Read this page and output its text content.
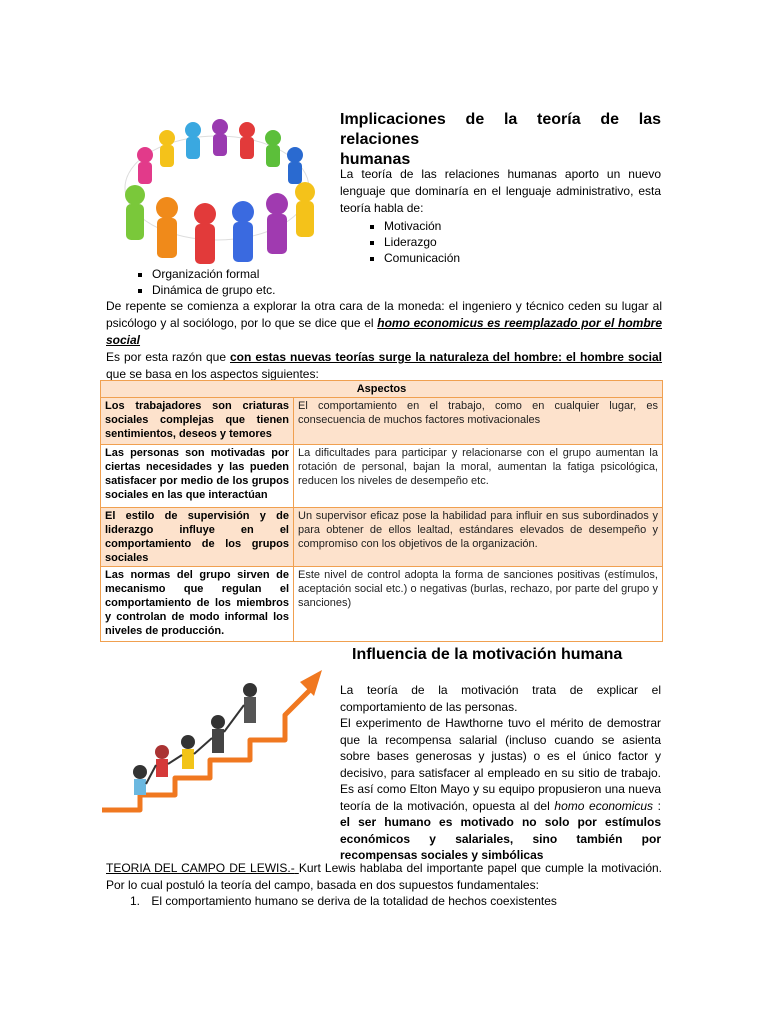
Implicaciones de la teoría de las relaciones
humanas
La teoría de las relaciones humanas aporto un nuevo lenguaje que dominaría en el lenguaje administrativo, esta teoría habla de:
▪ Motivación
▪ Liderazgo
▪ Comunicación
▪ Organización formal
▪ Dinámica de grupo etc.
De repente se comienza a explorar la otra cara de la moneda: el ingeniero y técnico ceden su lugar al psicólogo y al sociólogo, por lo que se dice que el homo economicus es reemplazado por el hombre social
Es por esta razón que con estas nuevas teorías surge la naturaleza del hombre: el hombre social que se basa en los aspectos siguientes:
Aspectos	
Los trabajadores son criaturas sociales complejas que tienen sentimientos, deseos y temores	El comportamiento en el trabajo, como en cualquier lugar, es consecuencia de muchos factores motivacionales
Las personas son motivadas por ciertas necesidades y las pueden satisfacer por medio de los grupos sociales en las que interactúan	La dificultades para participar y relacionarse con el grupo aumentan la rotación de personal, bajan la moral, aumentan la fatiga psicológica, reducen los niveles de desempeño etc.
El estilo de supervisión y de liderazgo influye en el comportamiento de los grupos sociales	Un supervisor eficaz pose la habilidad para influir en sus subordinados y para obtener de ellos lealtad, estándares elevados de desempeño y compromiso con los objetivos de la organización.
Las normas del grupo sirven de mecanismo que regulan el comportamiento de los miembros y controlan de modo informal los niveles de producción.	Este nivel de control adopta la forma de sanciones positivas (estímulos, aceptación social etc.) o negativas (burlas, rechazo, por parte del grupo y sanciones)
Influencia de la motivación humana
La teoría de la motivación trata de explicar el comportamiento de las personas.
El experimento de Hawthorne tuvo el mérito de demostrar que la recompensa salarial (incluso cuando se asienta sobre bases generosas y justas) o es el único factor y decisivo, para satisfacer al empleado en su sitio de trabajo. Es así como Elton Mayo y su equipo propusieron una nueva teoría de la motivación, opuesta al del homo economicus : el ser humano es motivado no solo por estímulos económicos y salariales, sino también por recompensas sociales y simbólicas
TEORIA DEL CAMPO DE LEWIS.- Kurt Lewis hablaba del importante papel que cumple la motivación. Por lo cual postuló la teoría del campo, basada en dos supuestos fundamentales:
1. El comportamiento humano se deriva de la totalidad de hechos coexistentes
